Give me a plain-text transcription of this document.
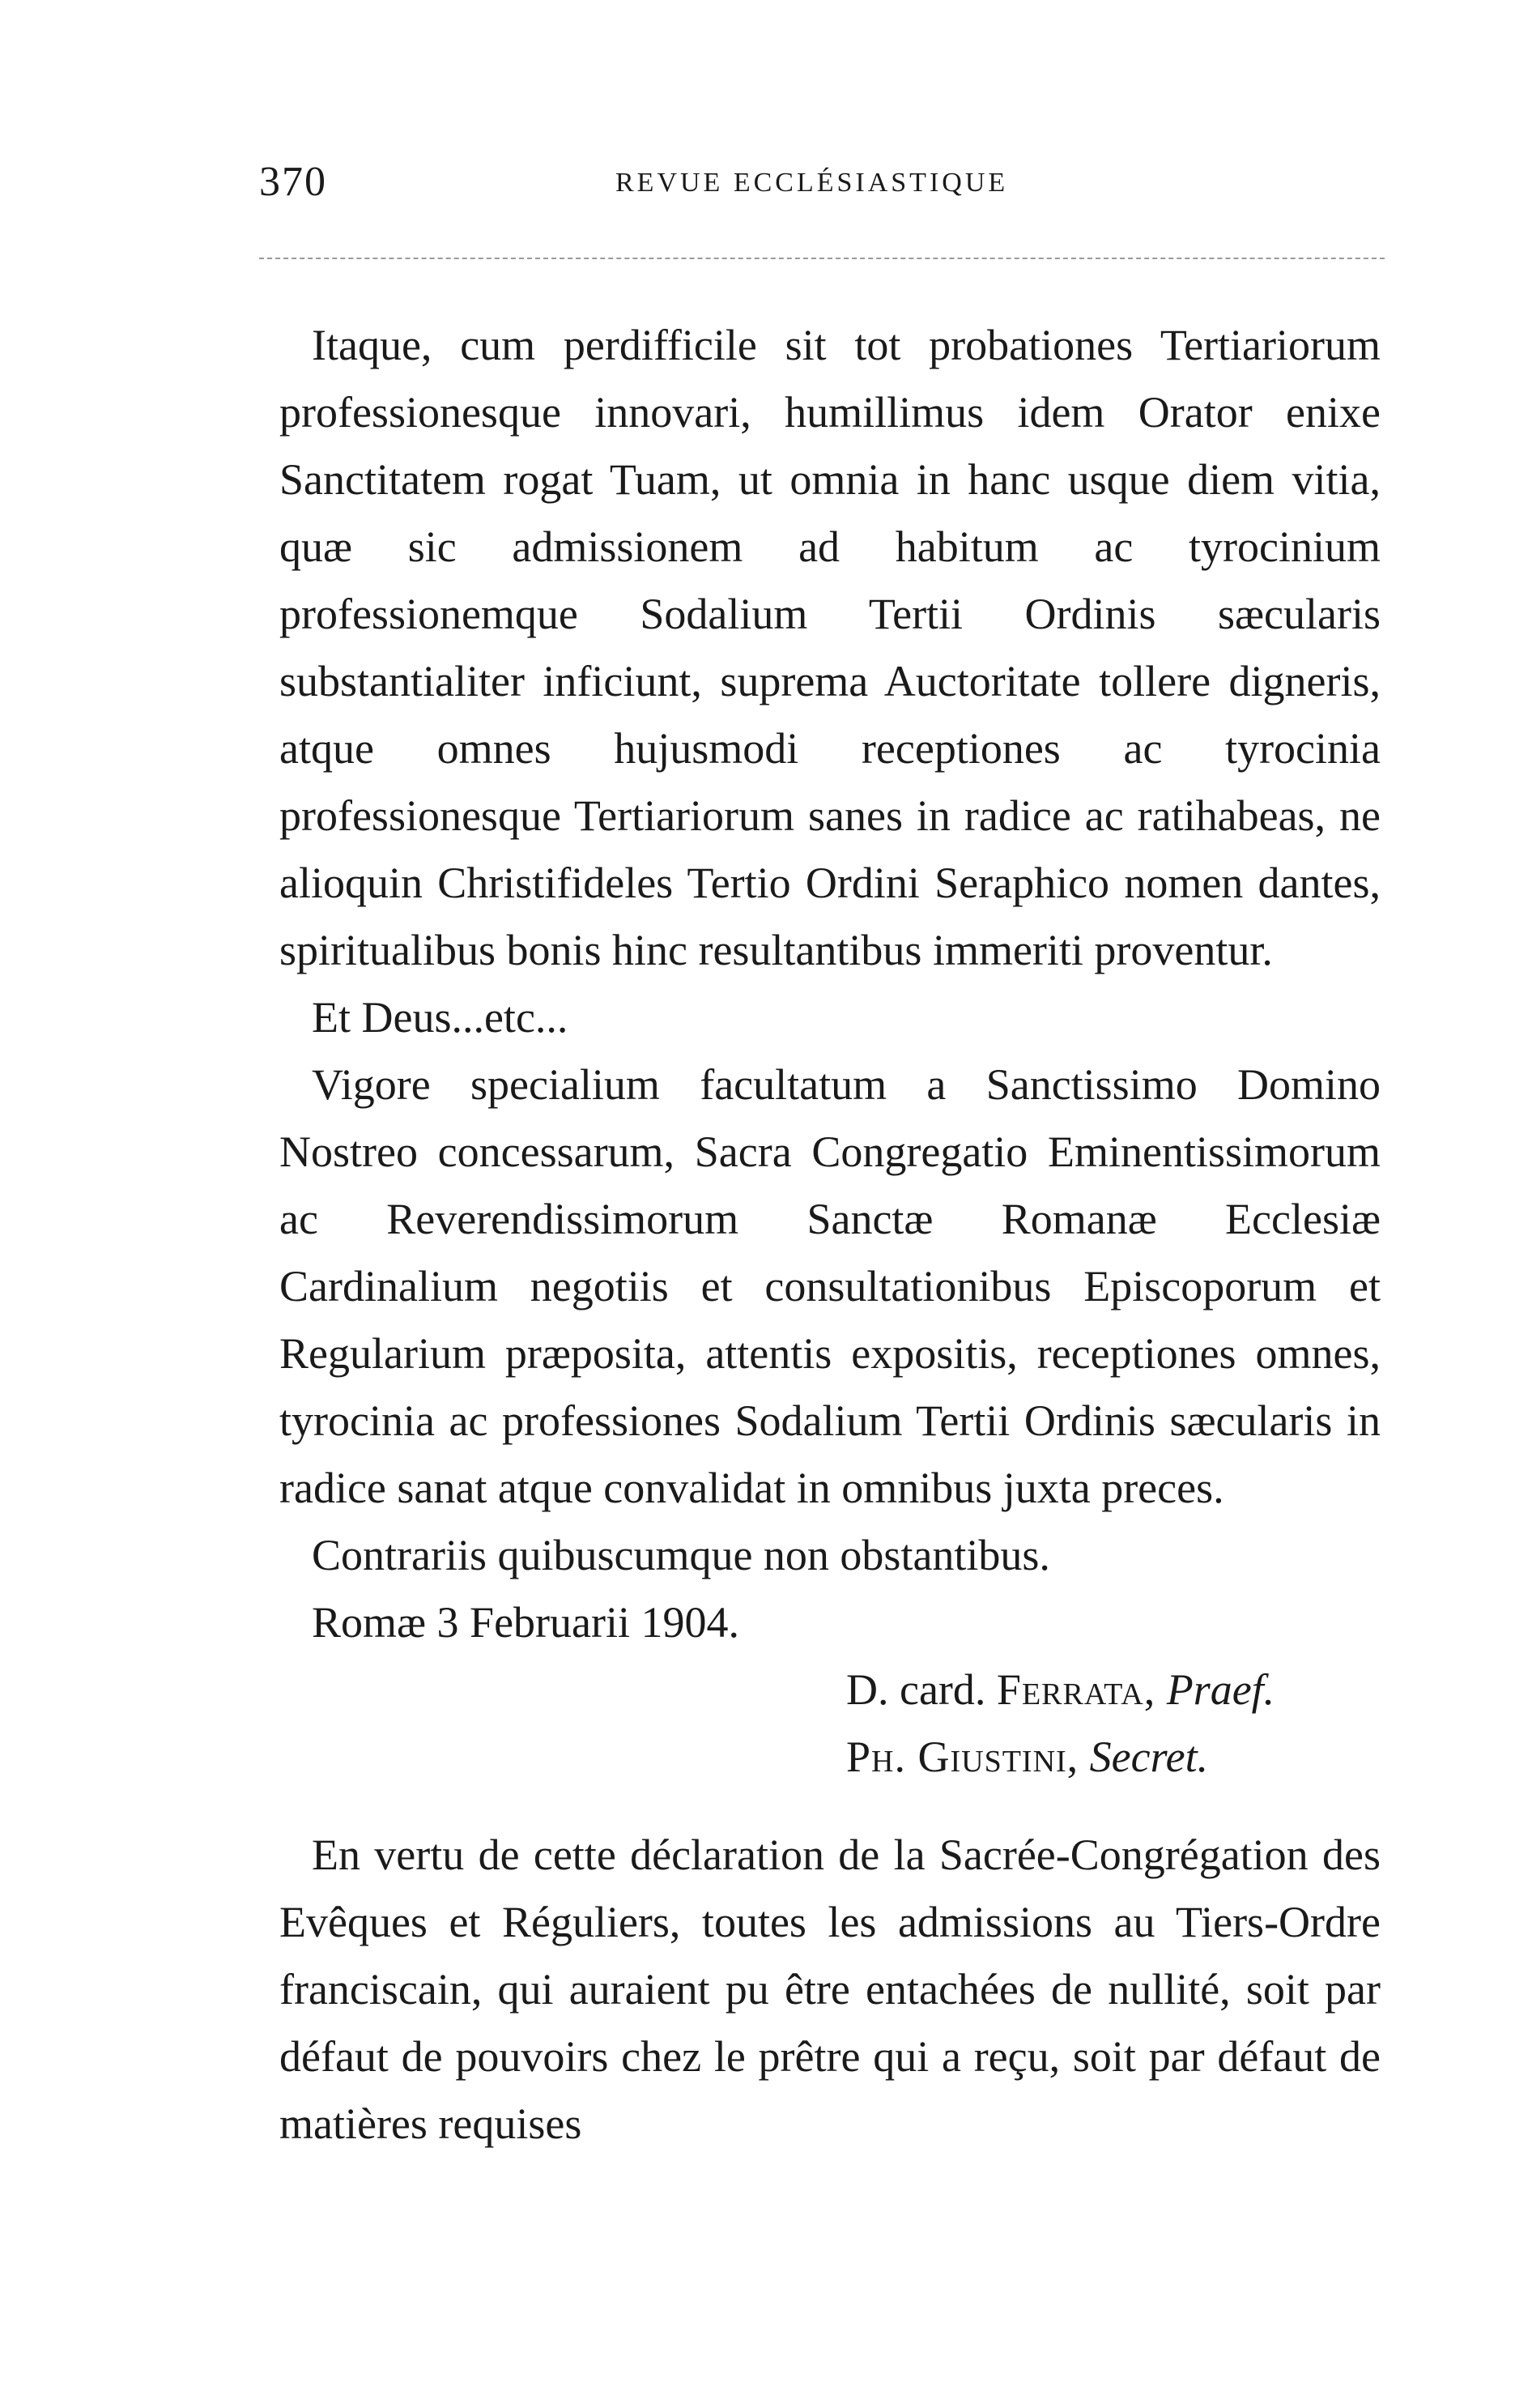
370	REVUE ECCLÉSIASTIQUE

Itaque, cum perdifficile sit tot probationes Tertiariorum professionesque innovari, humillimus idem Orator enixe Sanctitatem rogat Tuam, ut omnia in hanc usque diem vitia, quæ sic admissionem ad habitum ac tyrocinium professionemque Sodalium Tertii Ordinis sæcularis substantialiter inficiunt, suprema Auctoritate tollere digneris, atque omnes hujusmodi receptiones ac tyrocinia professionesque Tertiariorum sanes in radice ac ratihabeas, ne alioquin Christifideles Tertio Ordini Seraphico nomen dantes, spiritualibus bonis hinc resultantibus immeriti proventur.

Et Deus...etc...

Vigore specialium facultatum a Sanctissimo Domino Nostreo concessarum, Sacra Congregatio Eminentissimorum ac Reverendissimorum Sanctæ Romanæ Ecclesiæ Cardinalium negotiis et consultationibus Episcoporum et Regularium præposita, attentis expositis, receptiones omnes, tyrocinia ac professiones Sodalium Tertii Ordinis sæcularis in radice sanat atque convalidat in omnibus juxta preces.

Contrariis quibuscumque non obstantibus.

Romæ 3 Februarii 1904.

D. card. Ferrata, Praef.

Ph. Giustini, Secret.

En vertu de cette déclaration de la Sacrée-Congrégation des Evêques et Réguliers, toutes les admissions au Tiers-Ordre franciscain, qui auraient pu être entachées de nullité, soit par défaut de pouvoirs chez le prêtre qui a reçu, soit par défaut de matières requises
